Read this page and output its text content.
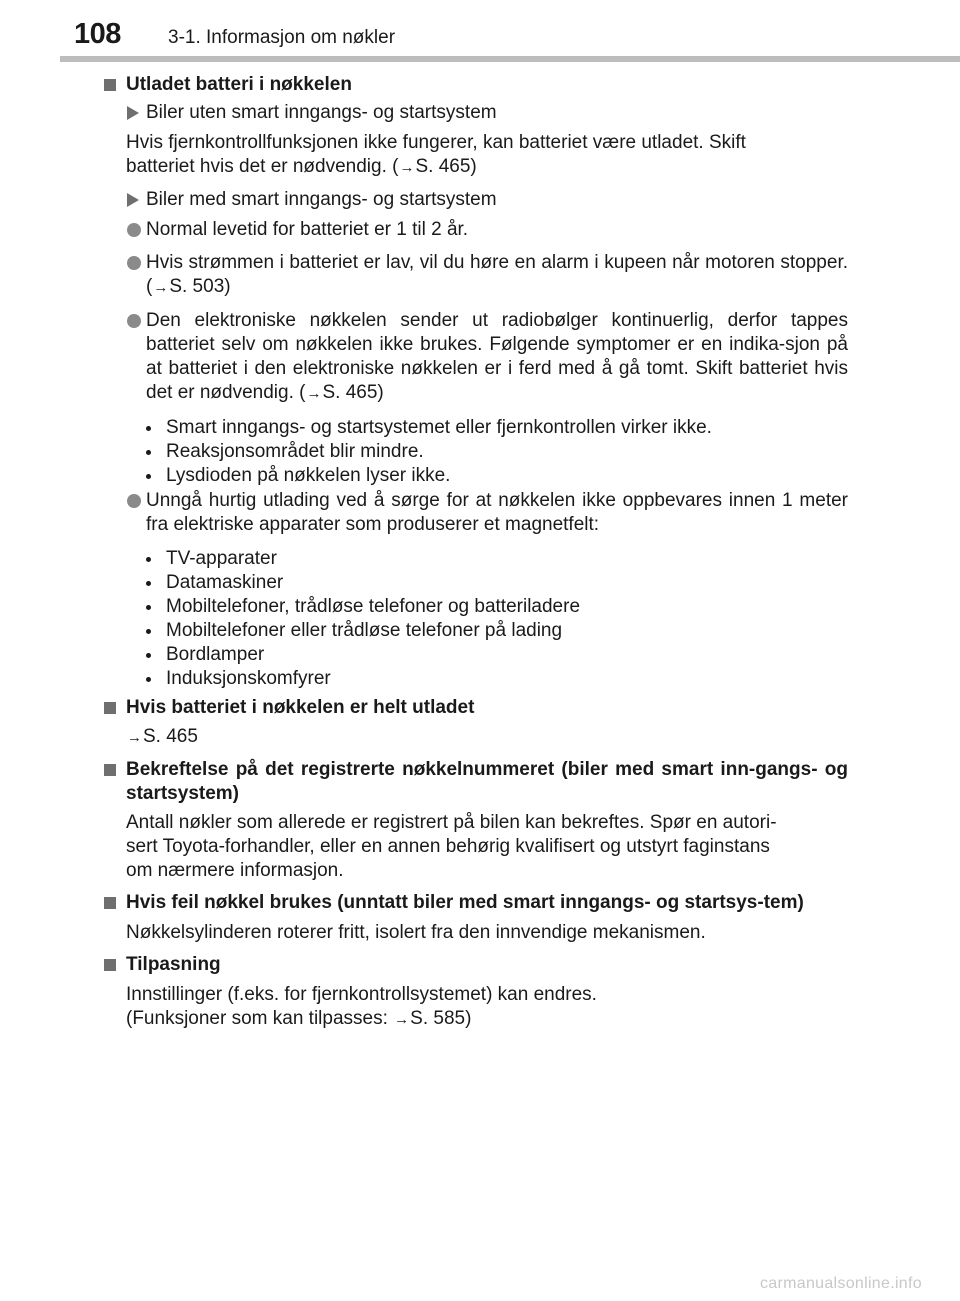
108 3-1. Informasjon om nøkler

Utladet batteri i nøkkelen

Biler uten smart inngangs- og startsystem

Hvis fjernkontrollfunksjonen ikke fungerer, kan batteriet være utladet. Skift
batteriet hvis det er nødvendig. (→S. 465)

Biler med smart inngangs- og startsystem

Normal levetid for batteriet er 1 til 2 år.

Hvis strømmen i batteriet er lav, vil du høre en alarm i kupeen når motoren stopper. (→S. 503)

Den elektroniske nøkkelen sender ut radiobølger kontinuerlig, derfor tappes batteriet selv om nøkkelen ikke brukes. Følgende symptomer er en indika-sjon på at batteriet i den elektroniske nøkkelen er i ferd med å gå tomt. Skift batteriet hvis det er nødvendig. (→S. 465)

Smart inngangs- og startsystemet eller fjernkontrollen virker ikke.

Reaksjonsområdet blir mindre.

Lysdioden på nøkkelen lyser ikke.

Unngå hurtig utlading ved å sørge for at nøkkelen ikke oppbevares innen 1 meter fra elektriske apparater som produserer et magnetfelt:

TV-apparater

Datamaskiner

Mobiltelefoner, trådløse telefoner og batteriladere

Mobiltelefoner eller trådløse telefoner på lading

Bordlamper

Induksjonskomfyrer

Hvis batteriet i nøkkelen er helt utladet

→S. 465

Bekreftelse på det registrerte nøkkelnummeret (biler med smart inn-gangs- og startsystem)

Antall nøkler som allerede er registrert på bilen kan bekreftes. Spør en autori-
sert Toyota-forhandler, eller en annen behørig kvalifisert og utstyrt faginstans
om nærmere informasjon.

Hvis feil nøkkel brukes (unntatt biler med smart inngangs- og startsys-tem)

Nøkkelsylinderen roterer fritt, isolert fra den innvendige mekanismen.

Tilpasning

Innstillinger (f.eks. for fjernkontrollsystemet) kan endres.
(Funksjoner som kan tilpasses: →S. 585)

carmanualsonline.info
